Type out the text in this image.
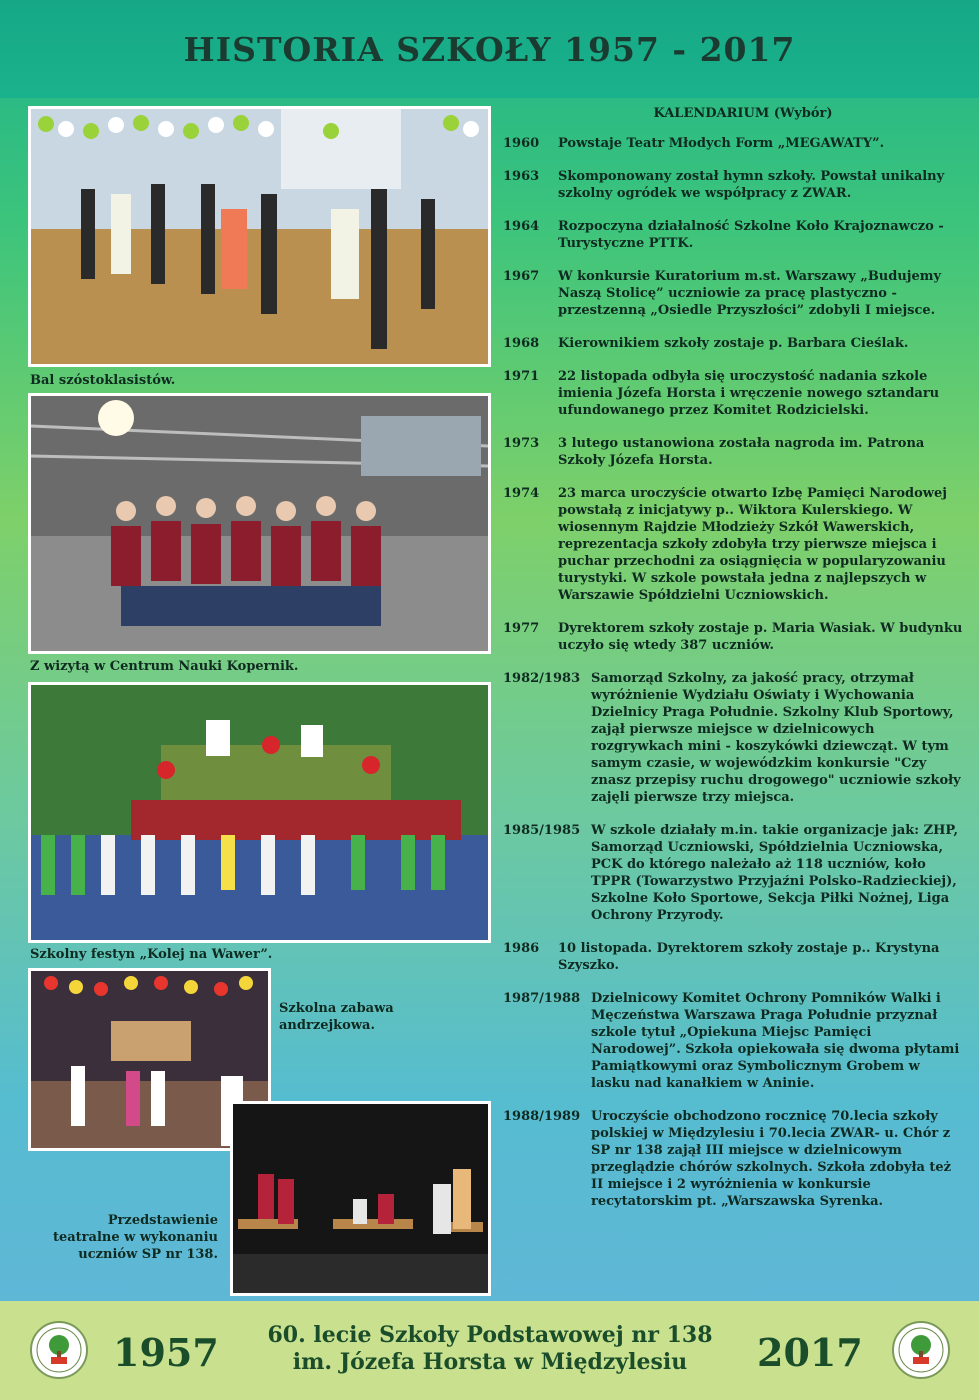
HISTORIA SZKOŁY 1957 - 2017
Bal szóstoklasistów.
Z wizytą w Centrum Nauki Kopernik.
Szkolny festyn „Kolej na Wawer”.
Szkolna zabawa andrzejkowa.
Przedstawienie teatralne w wykonaniu uczniów SP nr 138.
KALENDARIUM (Wybór)
1960	Powstaje Teatr Młodych Form „MEGAWATY”.
1963	Skomponowany został hymn szkoły. Powstał unikalny szkolny ogródek we współpracy z ZWAR.
1964	Rozpoczyna działalność Szkolne Koło Krajoznawczo - Turystyczne PTTK.
1967	W konkursie Kuratorium m.st. Warszawy „Budujemy Naszą Stolicę” uczniowie za pracę plastyczno - przestzenną „Osiedle Przyszłości” zdobyli I miejsce.
1968	Kierownikiem szkoły zostaje p. Barbara Cieślak.
1971	22 listopada odbyła się uroczystość nadania szkole imienia Józefa Horsta i wręczenie nowego sztandaru ufundowanego przez Komitet Rodzicielski.
1973	3 lutego ustanowiona została nagroda im. Patrona Szkoły Józefa Horsta.
1974	23 marca uroczyście otwarto Izbę Pamięci Narodowej powstałą z inicjatywy p.. Wiktora Kulerskiego. W wiosennym Rajdzie Młodzieży Szkół Wawerskich, reprezentacja szkoły zdobyła trzy pierwsze miejsca i puchar przechodni za osiągnięcia w popularyzowaniu turystyki. W szkole powstała jedna z najlepszych w Warszawie Spółdzielni Uczniowskich.
1977	Dyrektorem szkoły zostaje p. Maria Wasiak. W budynku uczyło się wtedy 387 uczniów.
1982/1983 Samorząd Szkolny, za jakość pracy, otrzymał wyróżnienie Wydziału Oświaty i Wychowania Dzielnicy Praga Południe. Szkolny Klub Sportowy, zajął pierwsze miejsce w dzielnicowych rozgrywkach mini - koszykówki dziewcząt. W tym samym czasie, w wojewódzkim konkursie "Czy znasz przepisy ruchu drogowego" uczniowie szkoły zajęli pierwsze trzy miejsca.
1985/1985 W szkole działały m.in. takie organizacje jak: ZHP, Samorząd Uczniowski, Spółdzielnia Uczniowska, PCK do którego należało aż 118 uczniów, koło TPPR (Towarzystwo Przyjaźni Polsko-Radzieckiej), Szkolne Koło Sportowe, Sekcja Piłki Nożnej, Liga Ochrony Przyrody.
1986	10 listopada. Dyrektorem szkoły zostaje p.. Krystyna Szyszko.
1987/1988 Dzielnicowy Komitet Ochrony Pomników Walki i Męczeństwa Warszawa Praga Południe przyznał szkole tytuł „Opiekuna Miejsc Pamięci Narodowej”. Szkoła opiekowała się dwoma płytami Pamiątkowymi oraz Symbolicznym Grobem w lasku nad kanałkiem w Aninie.
1988/1989 Uroczyście obchodzono rocznicę 70.lecia szkoły polskiej w Międzylesiu i 70.lecia ZWAR- u. Chór z SP nr 138 zajął III miejsce w dzielnicowym przeglądzie chórów szkolnych. Szkoła zdobyła też II miejsce i 2 wyróżnienia w konkursie recytatorskim pt. „Warszawska Syrenka.
1957	60. lecie Szkoły Podstawowej nr 138
im. Józefa Horsta w Międzylesiu	2017
